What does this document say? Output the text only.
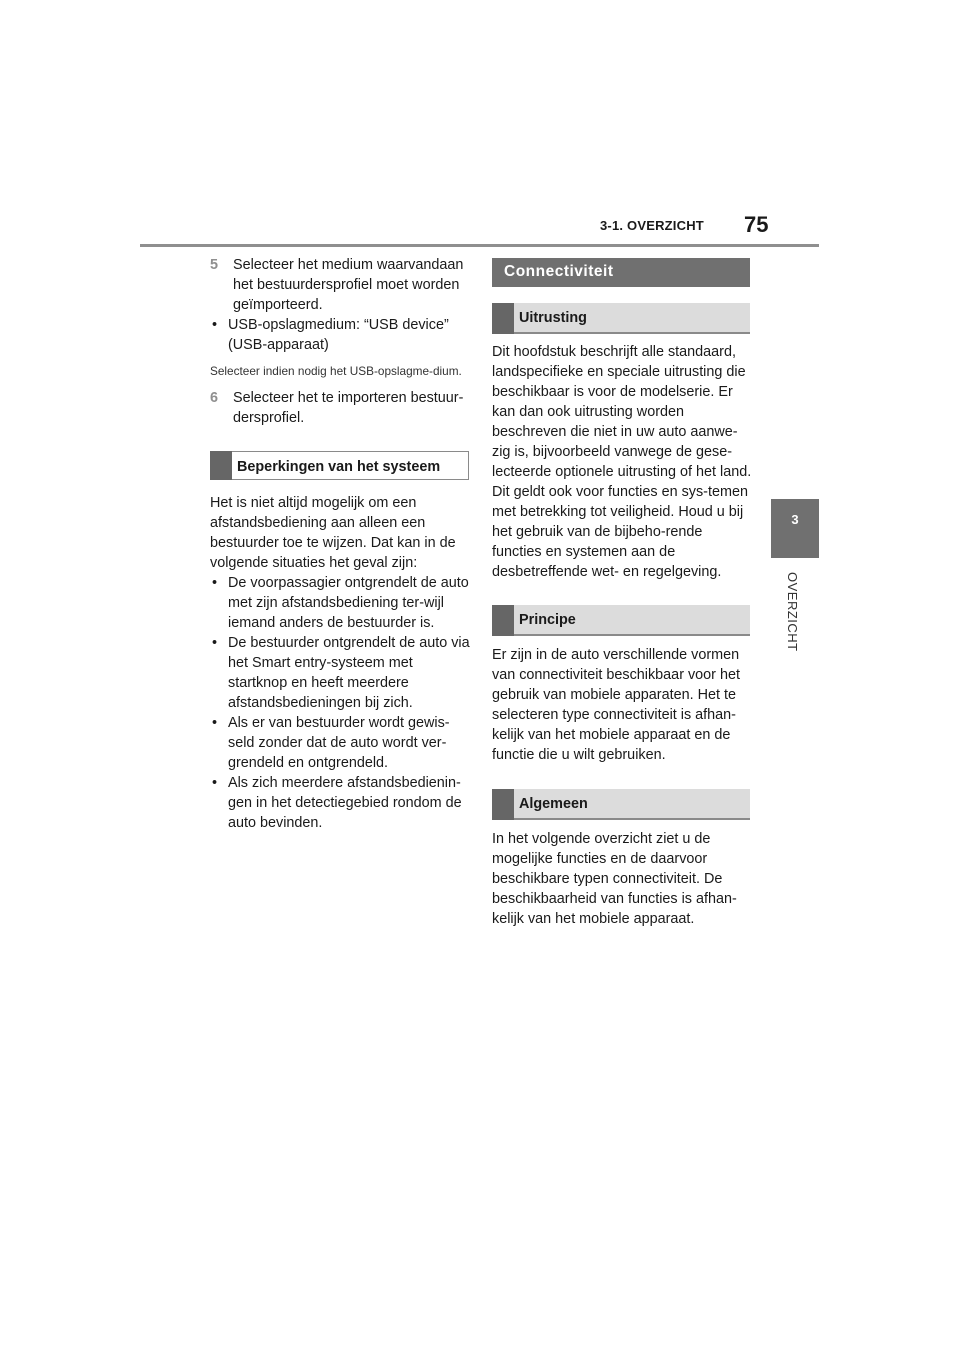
3-1. OVERZICHT 75
3
OVERZICHT
5 Selecteer het medium waarvandaan het bestuurdersprofiel moet worden geïmporteerd.
• USB-opslagmedium: “USB device” (USB-apparaat)

Selecteer indien nodig het USB-opslagme-dium.

6 Selecteer het te importeren bestuur-dersprofiel.
Beperkingen van het systeem

Het is niet altijd mogelijk om een afstandsbediening aan alleen een bestuurder toe te wijzen. Dat kan in de volgende situaties het geval zijn:

• De voorpassagier ontgrendelt de auto met zijn afstandsbediening ter-wijl iemand anders de bestuurder is.
• De bestuurder ontgrendelt de auto via het Smart entry-systeem met startknop en heeft meerdere afstandsbedieningen bij zich.
• Als er van bestuurder wordt gewis-seld zonder dat de auto wordt ver-grendeld en ontgrendeld.
• Als zich meerdere afstandsbedienin-gen in het detectiegebied rondom de auto bevinden.
Connectiviteit
Uitrusting

Dit hoofdstuk beschrijft alle standaard, landspecifieke en speciale uitrusting die beschikbaar is voor de modelserie. Er kan dan ook uitrusting worden beschreven die niet in uw auto aanwe-zig is, bijvoorbeeld vanwege de gese-lecteerde optionele uitrusting of het land. Dit geldt ook voor functies en sys-temen met betrekking tot veiligheid. Houd u bij het gebruik van de bijbeho-rende functies en systemen aan de desbetreffende wet- en regelgeving.

Principe

Er zijn in de auto verschillende vormen van connectiviteit beschikbaar voor het gebruik van mobiele apparaten. Het te selecteren type connectiviteit is afhan-kelijk van het mobiele apparaat en de functie die u wilt gebruiken.

Algemeen

In het volgende overzicht ziet u de mogelijke functies en de daarvoor beschikbare typen connectiviteit. De beschikbaarheid van functies is afhan-kelijk van het mobiele apparaat.
